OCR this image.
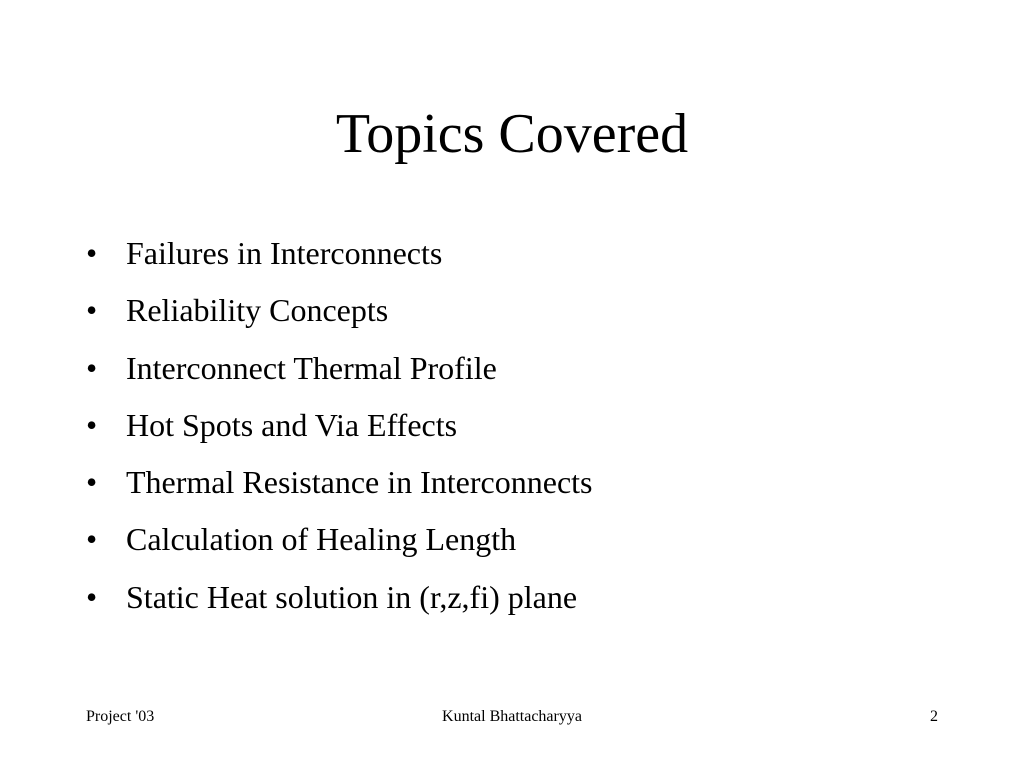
Topics Covered
• Failures in Interconnects
• Reliability Concepts
• Interconnect Thermal Profile
• Hot Spots and Via Effects
• Thermal Resistance in Interconnects
• Calculation of Healing Length
• Static Heat solution in (r,z,fi) plane
Project '03	Kuntal Bhattacharyya	2
